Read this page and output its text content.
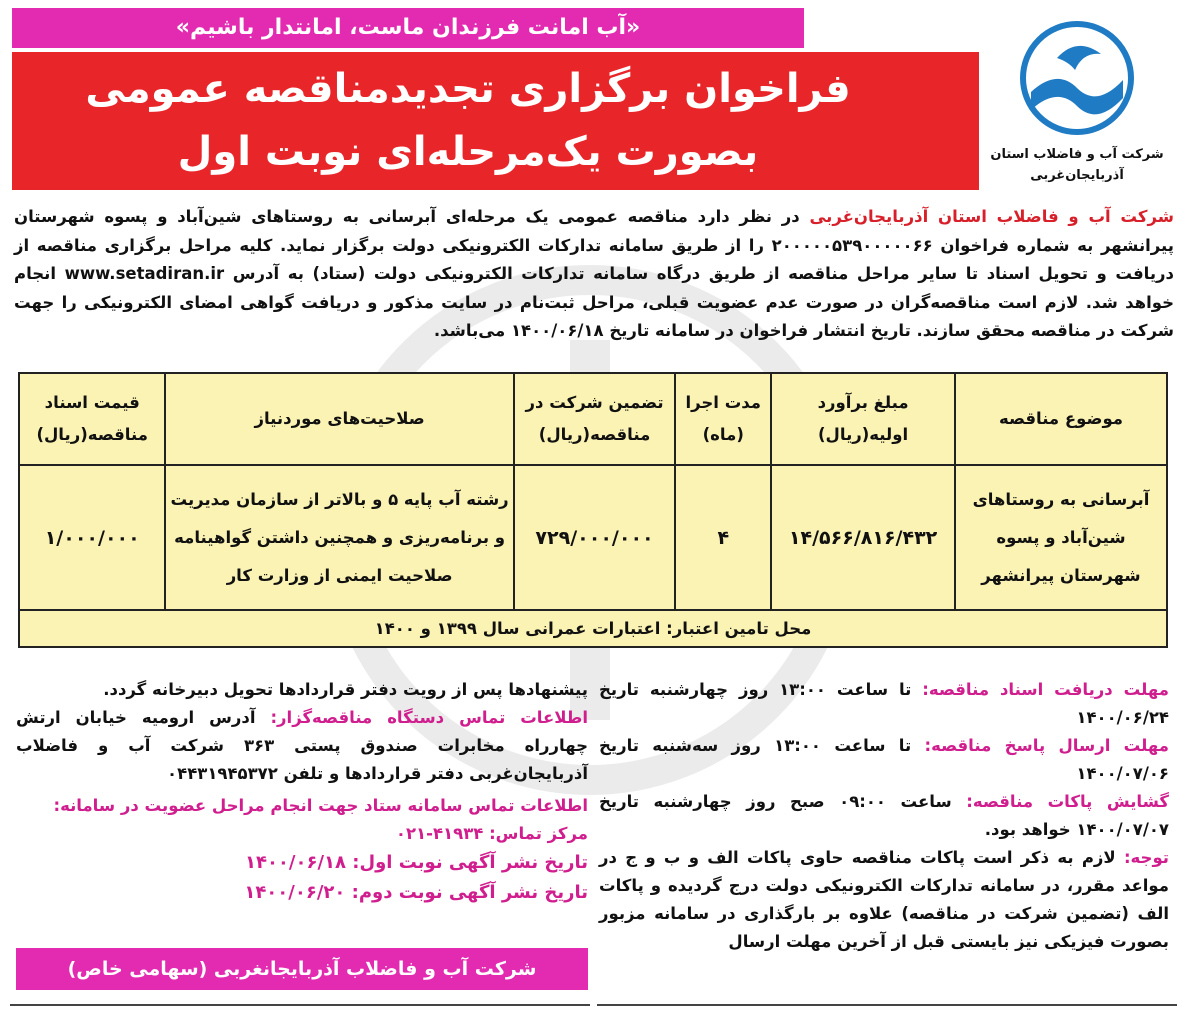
«آب امانت فرزندان ماست، امانتدار باشیم»
فراخوان برگزاری تجدیدمناقصه عمومی
بصورت یک‌مرحله‌ای نوبت اول	شرکت آب و فاضلاب استان
آذربایجان‌غربی
شرکت آب و فاضلاب استان آذربایجان‌غربی در نظر دارد مناقصه عمومی یک مرحله‌ای آبرسانی به روستاهای شین‌آباد و پسوه شهرستان پیرانشهر به شماره فراخوان ۲۰۰۰۰۰۵۳۹۰۰۰۰۰۶۶ را از طریق سامانه تدارکات الکترونیکی دولت برگزار نماید. کلیه مراحل برگزاری مناقصه از دریافت و تحویل اسناد تا سایر مراحل مناقصه از طریق درگاه سامانه تدارکات الکترونیکی دولت (ستاد) به آدرس www.setadiran.ir انجام خواهد شد. لازم است مناقصه‌گران در صورت عدم عضویت قبلی، مراحل ثبت‌نام در سایت مذکور و دریافت گواهی امضای الکترونیکی را جهت شرکت در مناقصه محقق سازند. تاریخ انتشار فراخوان در سامانه تاریخ ۱۴۰۰/۰۶/۱۸ می‌باشد.
موضوع مناقصه	مبلغ برآورد اولیه(ریال)	مدت اجرا (ماه)	تضمین شرکت در مناقصه(ریال)	صلاحیت‌های موردنیاز	قیمت اسناد مناقصه(ریال)
آبرسانی به روستاهای شین‌آباد و پسوه شهرستان پیرانشهر	۱۴/۵۶۶/۸۱۶/۴۳۲	۴	۷۲۹/۰۰۰/۰۰۰	رشته آب پایه ۵ و بالاتر از سازمان مدیریت و برنامه‌ریزی و همچنین داشتن گواهینامه صلاحیت ایمنی از وزارت کار	۱/۰۰۰/۰۰۰
محل تامین اعتبار: اعتبارات عمرانی سال ۱۳۹۹ و ۱۴۰۰					
مهلت دریافت اسناد مناقصه: تا ساعت ۱۳:۰۰ روز چهارشنبه تاریخ ۱۴۰۰/۰۶/۲۴
مهلت ارسال پاسخ مناقصه: تا ساعت ۱۳:۰۰ روز سه‌شنبه تاریخ ۱۴۰۰/۰۷/۰۶
گشایش پاکات مناقصه: ساعت ۰۹:۰۰ صبح روز چهارشنبه تاریخ ۱۴۰۰/۰۷/۰۷ خواهد بود.
توجه: لازم به ذکر است پاکات مناقصه حاوی پاکات الف و ب و ج در مواعد مقرر، در سامانه تدارکات الکترونیکی دولت درج گردیده و پاکات الف (تضمین شرکت در مناقصه) علاوه بر بارگذاری در سامانه مزبور بصورت فیزیکی نیز بایستی قبل از آخرین مهلت ارسال
پیشنهادها پس از رویت دفتر قراردادها تحویل دبیرخانه گردد.
اطلاعات تماس دستگاه مناقصه‌گزار: آدرس ارومیه خیابان ارتش چهارراه مخابرات صندوق پستی ۳۶۳ شرکت آب و فاضلاب آذربایجان‌غربی دفتر قراردادها و تلفن ۰۴۴۳۱۹۴۵۳۷۲
اطلاعات تماس سامانه ستاد جهت انجام مراحل عضویت در سامانه:
مرکز تماس: ۴۱۹۳۴-۰۲۱
تاریخ نشر آگهی نوبت اول: ۱۴۰۰/۰۶/۱۸
تاریخ نشر آگهی نوبت دوم: ۱۴۰۰/۰۶/۲۰
شرکت آب و فاضلاب آذربایجانغربی (سهامی خاص)
